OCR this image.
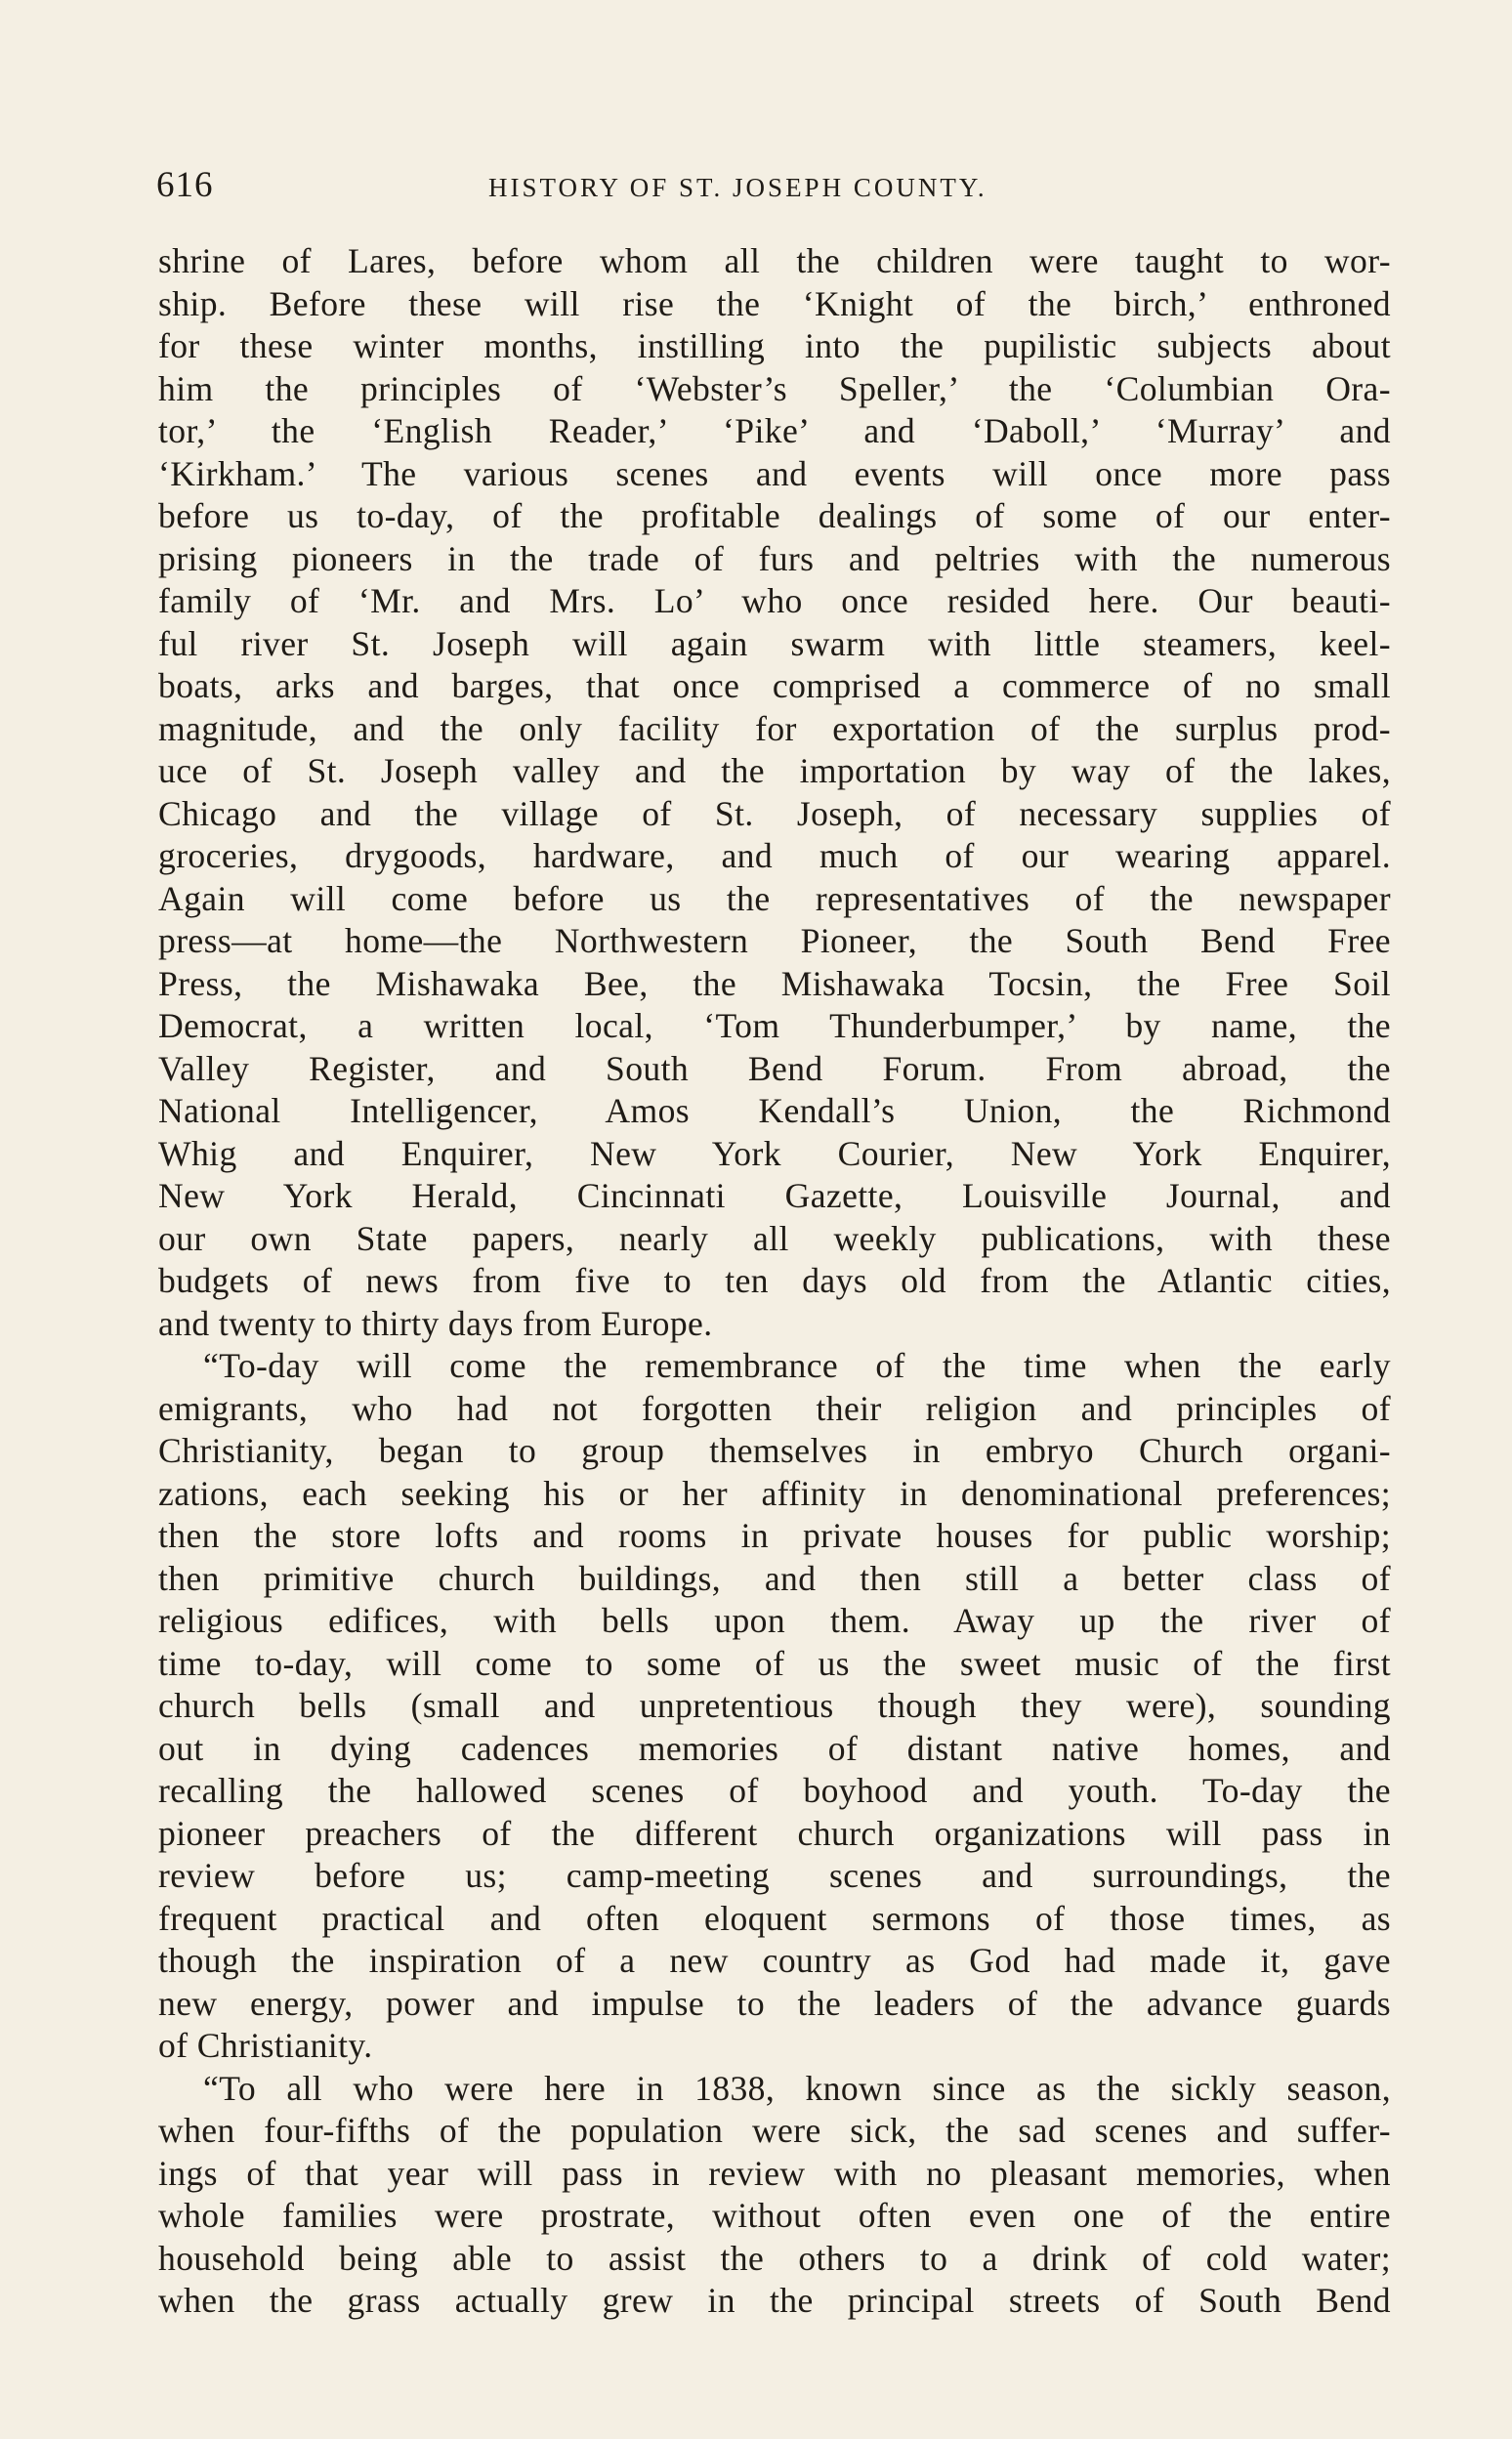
616	HISTORY OF ST. JOSEPH COUNTY.
shrine of Lares, before whom all the children were taught to wor-
ship. Before these will rise the ‘Knight of the birch,’ enthroned
for these winter months, instilling into the pupilistic subjects about
him the principles of ‘Webster’s Speller,’ the ‘Columbian Ora-
tor,’ the ‘English Reader,’ ‘Pike’ and ‘Daboll,’ ‘Murray’ and
‘Kirkham.’ The various scenes and events will once more pass
before us to-day, of the profitable dealings of some of our enter-
prising pioneers in the trade of furs and peltries with the numerous
family of ‘Mr. and Mrs. Lo’ who once resided here. Our beauti-
ful river St. Joseph will again swarm with little steamers, keel-
boats, arks and barges, that once comprised a commerce of no small
magnitude, and the only facility for exportation of the surplus prod-
uce of St. Joseph valley and the importation by way of the lakes,
Chicago and the village of St. Joseph, of necessary supplies of
groceries, drygoods, hardware, and much of our wearing apparel.
Again will come before us the representatives of the newspaper
press—at home—the Northwestern Pioneer, the South Bend Free
Press, the Mishawaka Bee, the Mishawaka Tocsin, the Free Soil
Democrat, a written local, ‘Tom Thunderbumper,’ by name, the
Valley Register, and South Bend Forum. From abroad, the
National Intelligencer, Amos Kendall’s Union, the Richmond
Whig and Enquirer, New York Courier, New York Enquirer,
New York Herald, Cincinnati Gazette, Louisville Journal, and
our own State papers, nearly all weekly publications, with these
budgets of news from five to ten days old from the Atlantic cities,
and twenty to thirty days from Europe.
“To-day will come the remembrance of the time when the early
emigrants, who had not forgotten their religion and principles of
Christianity, began to group themselves in embryo Church organi-
zations, each seeking his or her affinity in denominational preferences;
then the store lofts and rooms in private houses for public worship;
then primitive church buildings, and then still a better class of
religious edifices, with bells upon them. Away up the river of
time to-day, will come to some of us the sweet music of the first
church bells (small and unpretentious though they were), sounding
out in dying cadences memories of distant native homes, and
recalling the hallowed scenes of boyhood and youth. To-day the
pioneer preachers of the different church organizations will pass in
review before us; camp-meeting scenes and surroundings, the
frequent practical and often eloquent sermons of those times, as
though the inspiration of a new country as God had made it, gave
new energy, power and impulse to the leaders of the advance guards
of Christianity.
“To all who were here in 1838, known since as the sickly season,
when four-fifths of the population were sick, the sad scenes and suffer-
ings of that year will pass in review with no pleasant memories, when
whole families were prostrate, without often even one of the entire
household being able to assist the others to a drink of cold water;
when the grass actually grew in the principal streets of South Bend
